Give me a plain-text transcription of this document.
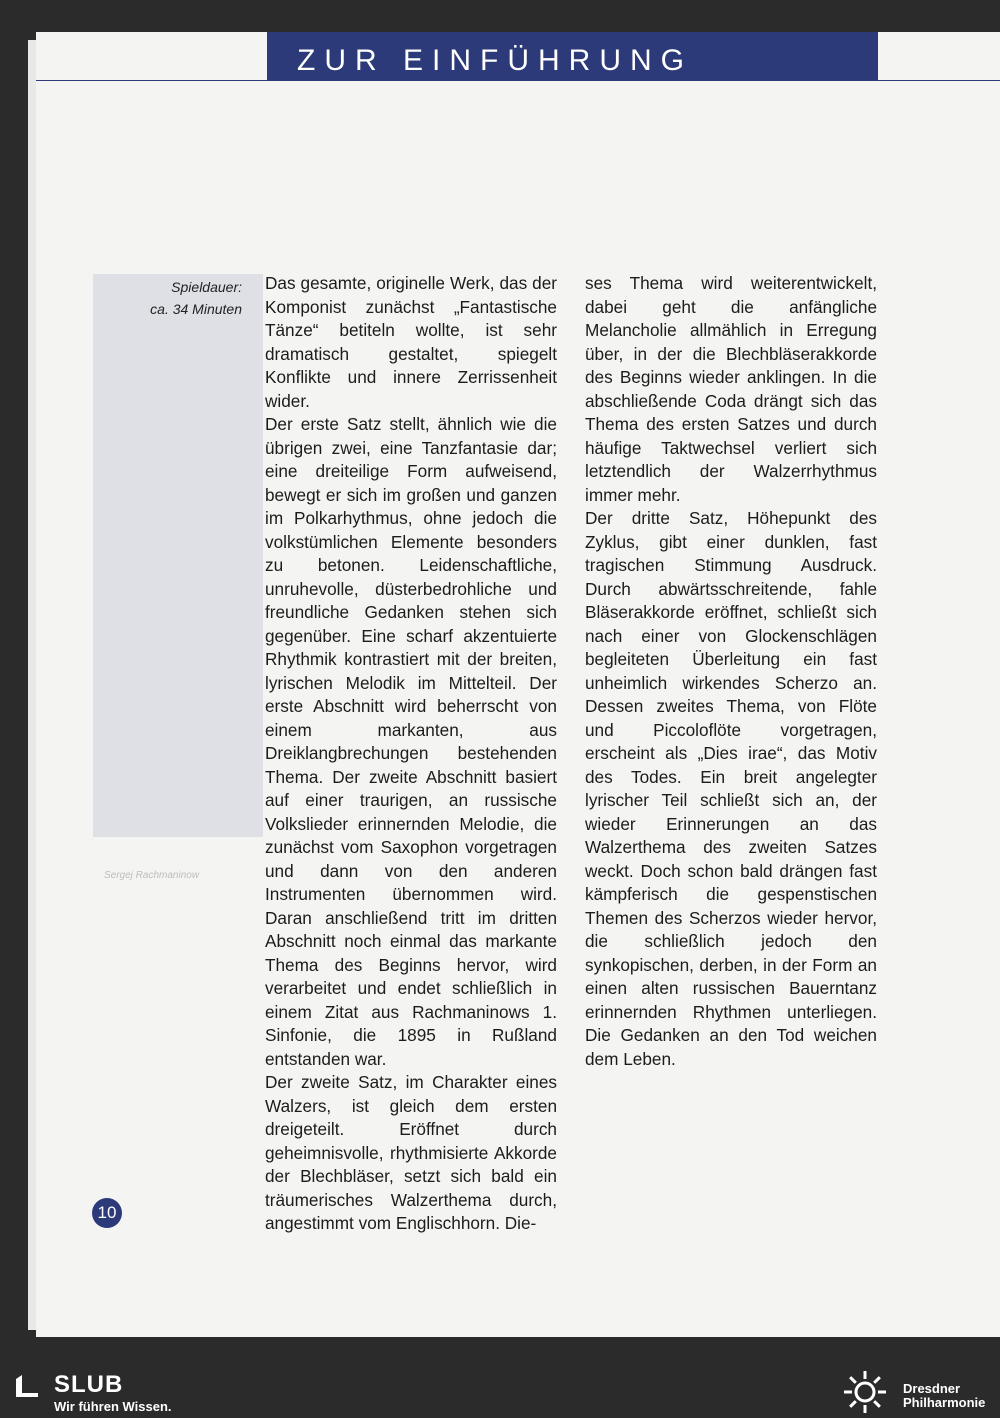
ZUR EINFÜHRUNG
Sergej Rachmaninow
Spieldauer:
ca. 34 Minuten

Das gesamte, originelle Werk, das der Komponist zunächst „Fantastische Tänze“ betiteln wollte, ist sehr dramatisch gestaltet, spiegelt Konflikte und innere Zerrissenheit wider.

Der erste Satz stellt, ähnlich wie die übrigen zwei, eine Tanzfantasie dar; eine dreiteilige Form aufweisend, bewegt er sich im großen und ganzen im Polkarhythmus, ohne jedoch die volkstümlichen Elemente besonders zu betonen. Leidenschaftliche, unruhevolle, düsterbedrohliche und freundliche Gedanken stehen sich gegenüber. Eine scharf akzentuierte Rhythmik kontrastiert mit der breiten, lyrischen Melodik im Mittelteil. Der erste Abschnitt wird beherrscht von einem markanten, aus Dreiklangbrechungen bestehenden Thema. Der zweite Abschnitt basiert auf einer traurigen, an russische Volkslieder erinnernden Melodie, die zunächst vom Saxophon vorgetragen und dann von den anderen Instrumenten übernommen wird. Daran anschließend tritt im dritten Abschnitt noch einmal das markante Thema des Beginns hervor, wird verarbeitet und endet schließlich in einem Zitat aus Rachmaninows 1. Sinfonie, die 1895 in Rußland entstanden war.

Der zweite Satz, im Charakter eines Walzers, ist gleich dem ersten dreigeteilt. Eröffnet durch geheimnisvolle, rhythmisierte Akkorde der Blechbläser, setzt sich bald ein träumerisches Walzerthema durch, angestimmt vom Englischhorn. Die-

ses Thema wird weiterentwickelt, dabei geht die anfängliche Melancholie allmählich in Erregung über, in der die Blechbläserakkorde des Beginns wieder anklingen. In die abschließende Coda drängt sich das Thema des ersten Satzes und durch häufige Taktwechsel verliert sich letztendlich der Walzerrhythmus immer mehr.

Der dritte Satz, Höhepunkt des Zyklus, gibt einer dunklen, fast tragischen Stimmung Ausdruck. Durch abwärtsschreitende, fahle Bläserakkorde eröffnet, schließt sich nach einer von Glockenschlägen begleiteten Überleitung ein fast unheimlich wirkendes Scherzo an. Dessen zweites Thema, von Flöte und Piccoloflöte vorgetragen, erscheint als „Dies irae“, das Motiv des Todes. Ein breit angelegter lyrischer Teil schließt sich an, der wieder Erinnerungen an das Walzerthema des zweiten Satzes weckt. Doch schon bald drängen fast kämpferisch die gespenstischen Themen des Scherzos wieder hervor, die schließlich jedoch den synkopischen, derben, in der Form an einen alten russischen Bauerntanz erinnernden Rhythmen unterliegen. Die Gedanken an den Tod weichen dem Leben.

10
SLUB
Wir führen Wissen.
Dresdner
Philharmonie
